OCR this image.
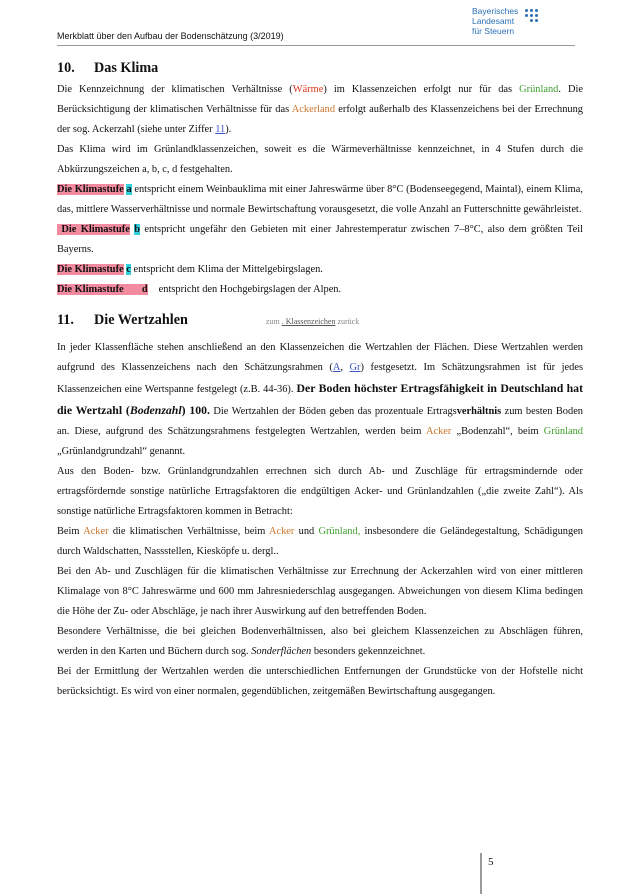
Merkblatt über den Aufbau der Bodenschätzung (3/2019)
Bayerisches
Landesamt
für Steuern
10.	Das Klima

Die Kennzeichnung der klimatischen Verhältnisse (Wärme) im Klassenzeichen erfolgt nur für das Grünland. Die Berücksichtigung der klimatischen Verhältnisse für das Ackerland erfolgt außerhalb des Klassenzeichens bei der Errechnung der sog. Ackerzahl (siehe unter Ziffer 11).

Das Klima wird im Grünlandklassenzeichen, soweit es die Wärmeverhältnisse kennzeichnet, in 4 Stufen durch die Abkürzungszeichen a, b, c, d festgehalten.

Die Klimastufe a entspricht einem Weinbauklima mit einer Jahreswärme über 8°C (Bodenseegegend, Maintal), einem Klima, das, mittlere Wasserverhältnisse und normale Bewirtschaftung vorausgesetzt, die volle Anzahl an Futterschnitte gewährleistet.

Die Klimastufe b entspricht ungefähr den Gebieten mit einer Jahrestemperatur zwischen 7–8°C, also dem größten Teil Bayerns.

Die Klimastufe c entspricht dem Klima der Mittelgebirgslagen.

Die Klimastufe d entspricht den Hochgebirgslagen der Alpen.

11.	Die Wertzahlen	zum . Klassenzeichen zurück

In jeder Klassenfläche stehen anschließend an den Klassenzeichen die Wertzahlen der Flächen. Diese Wertzahlen werden aufgrund des Klassenzeichens nach den Schätzungsrahmen (A, Gr) festgesetzt. Im Schätzungsrahmen ist für jedes Klassenzeichen eine Wertspanne festgelegt (z.B. 44-36). Der Boden höchster Ertragsfähigkeit in Deutschland hat die Wertzahl (Bodenzahl) 100. Die Wertzahlen der Böden geben das prozentuale Ertragsverhältnis zum besten Boden an. Diese, aufgrund des Schätzungsrahmens festgelegten Wertzahlen, werden beim Acker „Bodenzahl“, beim Grünland „Grünlandgrundzahl“ genannt.

Aus den Boden- bzw. Grünlandgrundzahlen errechnen sich durch Ab- und Zuschläge für ertragsmindernde oder ertragsfördernde sonstige natürliche Ertragsfaktoren die endgültigen Acker- und Grünlandzahlen („die zweite Zahl“). Als sonstige natürliche Ertragsfaktoren kommen in Betracht:

Beim Acker die klimatischen Verhältnisse, beim Acker und Grünland, insbesondere die Geländegestaltung, Schädigungen durch Waldschatten, Nassstellen, Kiesköpfe u. dergl..

Bei den Ab- und Zuschlägen für die klimatischen Verhältnisse zur Errechnung der Ackerzahlen wird von einer mittleren Klimalage von 8°C Jahreswärme und 600 mm Jahresniederschlag ausgegangen. Abweichungen von diesem Klima bedingen die Höhe der Zu- oder Abschläge, je nach ihrer Auswirkung auf den betreffenden Boden.

Besondere Verhältnisse, die bei gleichen Bodenverhältnissen, also bei gleichem Klassenzeichen zu Abschlägen führen, werden in den Karten und Büchern durch sog. Sonderflächen besonders gekennzeichnet.

Bei der Ermittlung der Wertzahlen werden die unterschiedlichen Entfernungen der Grundstücke von der Hofstelle nicht berücksichtigt. Es wird von einer normalen, gegendüblichen, zeitgemäßen Bewirtschaftung ausgegangen.

5
